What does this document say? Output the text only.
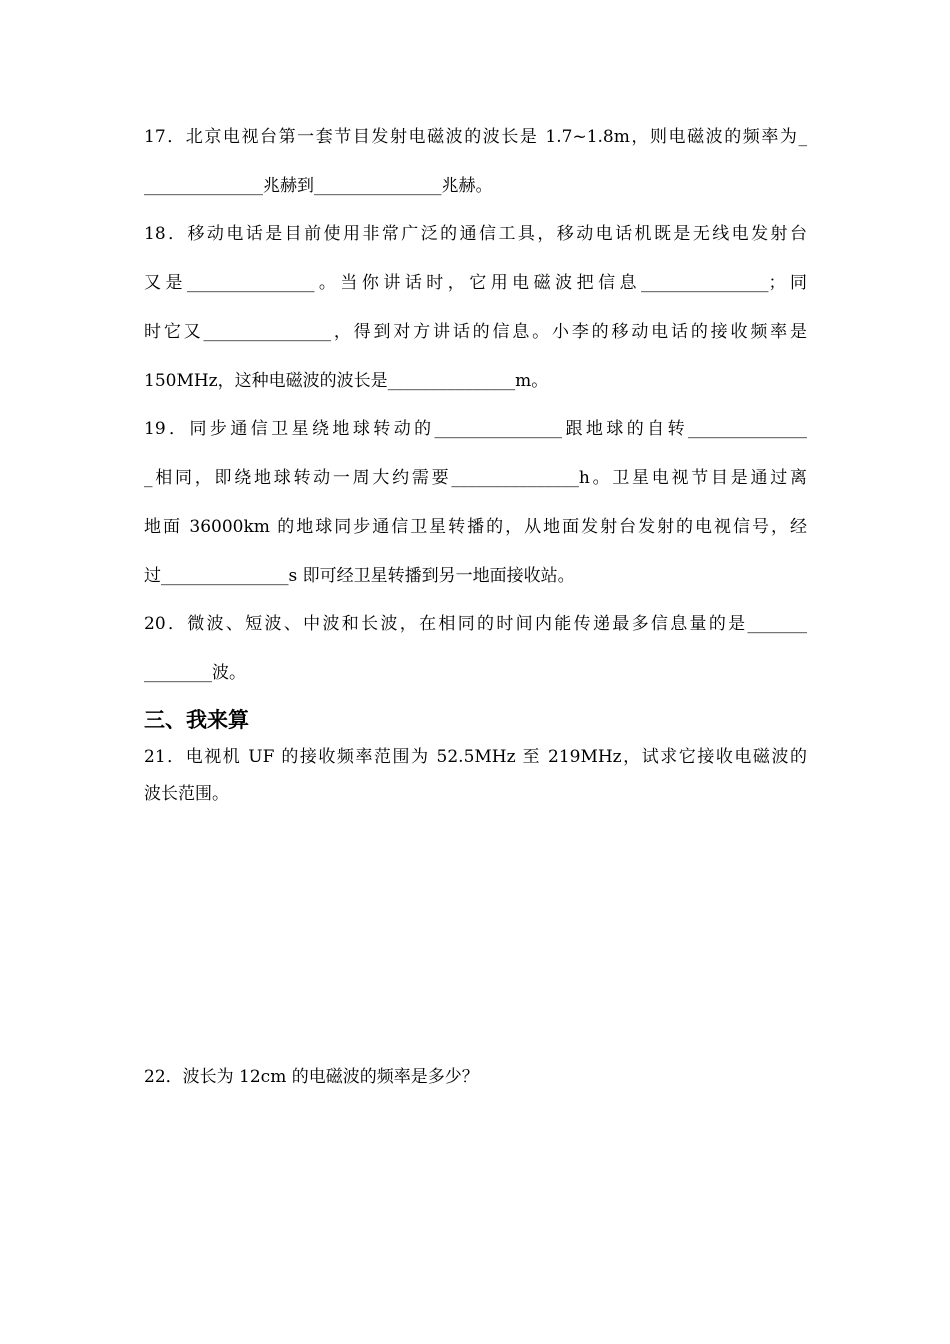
17．北京电视台第一套节目发射电磁波的波长是 1.7~1.8m，则电磁波的频率为_
______________兆赫到_______________兆赫。
18．移动电话是目前使用非常广泛的通信工具，移动电话机既是无线电发射台
又是_______________。当你讲话时，它用电磁波把信息_______________；同
时它又_______________，得到对方讲话的信息。小李的移动电话的接收频率是
150MHz，这种电磁波的波长是_______________m。
19．同步通信卫星绕地球转动的_______________跟地球的自转______________
_相同，即绕地球转动一周大约需要_______________h。卫星电视节目是通过离
地面 36000km 的地球同步通信卫星转播的，从地面发射台发射的电视信号，经
过_______________s 即可经卫星转播到另一地面接收站。
20．微波、短波、中波和长波，在相同的时间内能传递最多信息量的是_______
________波。
三、我来算
21．电视机 UF 的接收频率范围为 52.5MHz 至 219MHz，试求它接收电磁波的
波长范围。
22．波长为 12cm 的电磁波的频率是多少？
